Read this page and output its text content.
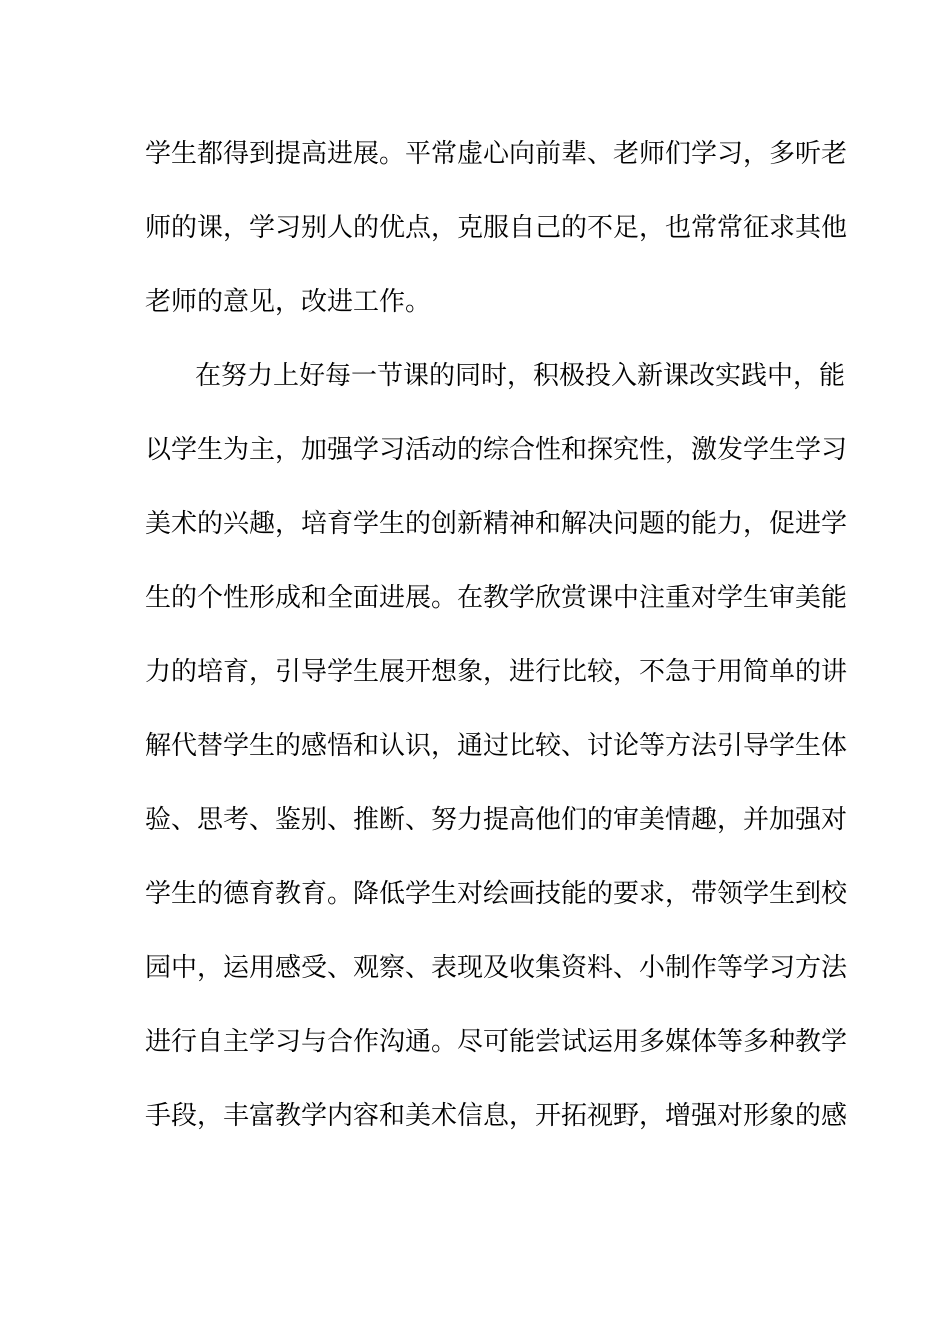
学生都得到提高进展。平常虚心向前辈、老师们学习，多听老
师的课，学习别人的优点，克服自己的不足，也常常征求其他
老师的意见，改进工作。
在努力上好每一节课的同时，积极投入新课改实践中，能
以学生为主，加强学习活动的综合性和探究性，激发学生学习
美术的兴趣，培育学生的创新精神和解决问题的能力，促进学
生的个性形成和全面进展。在教学欣赏课中注重对学生审美能
力的培育，引导学生展开想象，进行比较，不急于用简单的讲
解代替学生的感悟和认识，通过比较、讨论等方法引导学生体
验、思考、鉴别、推断、努力提高他们的审美情趣，并加强对
学生的德育教育。降低学生对绘画技能的要求，带领学生到校
园中，运用感受、观察、表现及收集资料、小制作等学习方法
进行自主学习与合作沟通。尽可能尝试运用多媒体等多种教学
手段，丰富教学内容和美术信息，开拓视野，增强对形象的感
